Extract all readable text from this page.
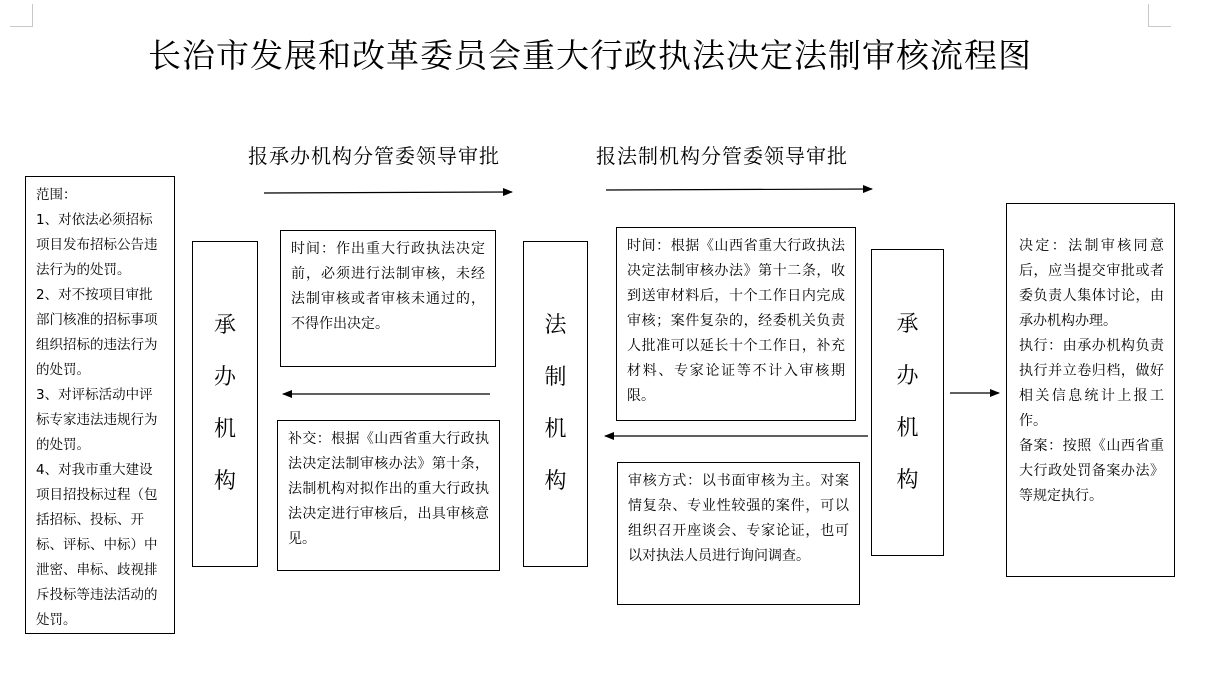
长治市发展和改革委员会重大行政执法决定法制审核流程图
报承办机构分管委领导审批	报法制机构分管委领导审批
范围：
1、对依法必须招标项目发布招标公告违法行为的处罚。
2、对不按项目审批部门核准的招标事项组织招标的违法行为的处罚。
3、对评标活动中评标专家违法违规行为的处罚。
4、对我市重大建设项目招投标过程（包括招标、投标、开标、评标、中标）中泄密、串标、歧视排斥投标等违法活动的处罚。
承
办
机
构
时间：作出重大行政执法决定前，必须进行法制审核，未经法制审核或者审核未通过的，不得作出决定。
补交：根据《山西省重大行政执法决定法制审核办法》第十条，法制机构对拟作出的重大行政执法决定进行审核后，出具审核意见。
法
制
机
构
时间：根据《山西省重大行政执法决定法制审核办法》第十二条，收到送审材料后，十个工作日内完成审核；案件复杂的，经委机关负责人批准可以延长十个工作日，补充材料、专家论证等不计入审核期限。
审核方式：以书面审核为主。对案情复杂、专业性较强的案件，可以组织召开座谈会、专家论证，也可以对执法人员进行询问调查。
承
办
机
构
决定：法制审核同意后，应当提交审批或者委负责人集体讨论，由承办机构办理。
执行：由承办机构负责执行并立卷归档，做好相关信息统计上报工作。
备案：按照《山西省重大行政处罚备案办法》等规定执行。
